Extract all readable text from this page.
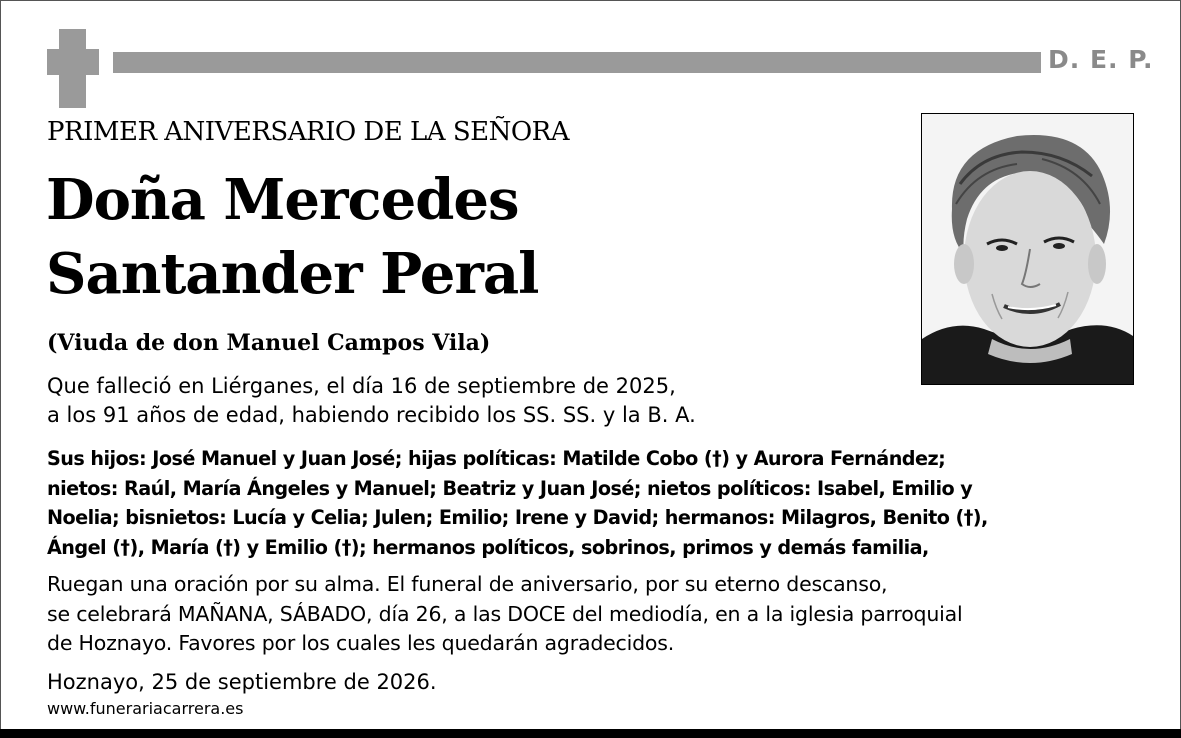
D. E. P.
PRIMER ANIVERSARIO DE LA SEÑORA
Doña Mercedes
Santander Peral
(Viuda de don Manuel Campos Vila)
Que falleció en Liérganes, el día 16 de septiembre de 2025,
a los 91 años de edad, habiendo recibido los SS. SS. y la B. A.
Sus hijos: José Manuel y Juan José; hijas políticas: Matilde Cobo (†) y Aurora Fernández;
nietos: Raúl, María Ángeles y Manuel; Beatriz y Juan José; nietos políticos: Isabel, Emilio y
Noelia; bisnietos: Lucía y Celia; Julen; Emilio; Irene y David; hermanos: Milagros, Benito (†),
Ángel (†), María (†) y Emilio (†); hermanos políticos, sobrinos, primos y demás familia,
Ruegan una oración por su alma. El funeral de aniversario, por su eterno descanso,
se celebrará MAÑANA, SÁBADO, día 26, a las DOCE del mediodía, en a la iglesia parroquial
de Hoznayo. Favores por los cuales les quedarán agradecidos.
Hoznayo, 25 de septiembre de 2026.
www.funerariacarrera.es
